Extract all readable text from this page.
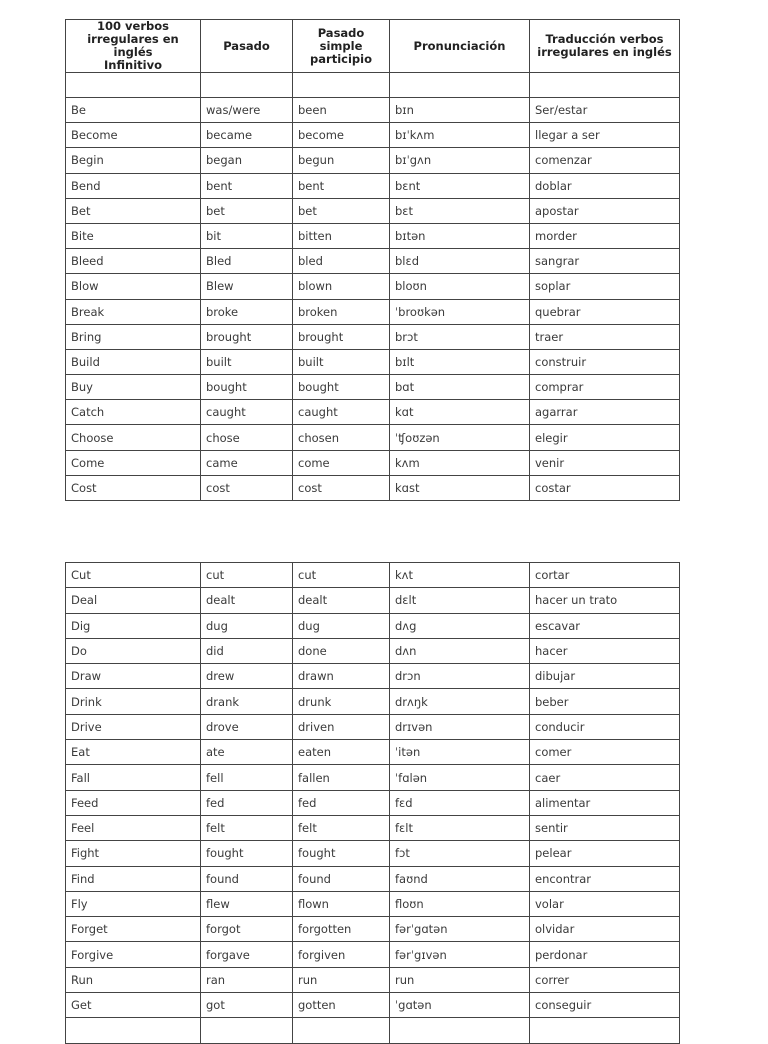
100 verbos irregulares en
inglés
Infinitivo	Pasado	Pasado simple participio	Pronunciación	Traducción verbos irregulares en inglés

Be	was/were	been	bɪn	Ser/estar
Become	became	become	bɪˈkʌm	llegar a ser
Begin	began	begun	bɪˈgʌn	comenzar
Bend	bent	bent	bɛnt	doblar
Bet	bet	bet	bɛt	apostar
Bite	bit	bitten	bɪtən	morder
Bleed	Bled	bled	blɛd	sangrar
Blow	Blew	blown	bloʊn	soplar
Break	broke	broken	ˈbroʊkən	quebrar
Bring	brought	brought	brɔt	traer
Build	built	built	bɪlt	construir
Buy	bought	bought	bɑt	comprar
Catch	caught	caught	kɑt	agarrar
Choose	chose	chosen	ˈʧoʊzən	elegir
Come	came	come	kʌm	venir
Cost	cost	cost	kɑst	costar
Cut	cut	cut	kʌt	cortar
Deal	dealt	dealt	dɛlt	hacer un trato
Dig	dug	dug	dʌg	escavar
Do	did	done	dʌn	hacer
Draw	drew	drawn	drɔn	dibujar
Drink	drank	drunk	drʌŋk	beber
Drive	drove	driven	drɪvən	conducir
Eat	ate	eaten	ˈitən	comer
Fall	fell	fallen	ˈfɑlən	caer
Feed	fed	fed	fɛd	alimentar
Feel	felt	felt	fɛlt	sentir
Fight	fought	fought	fɔt	pelear
Find	found	found	faʊnd	encontrar
Fly	flew	flown	floʊn	volar
Forget	forgot	forgotten	fərˈgɑtən	olvidar
Forgive	forgave	forgiven	fərˈgɪvən	perdonar
Run	ran	run	run	correr
Get	got	gotten	ˈgɑtən	conseguir
